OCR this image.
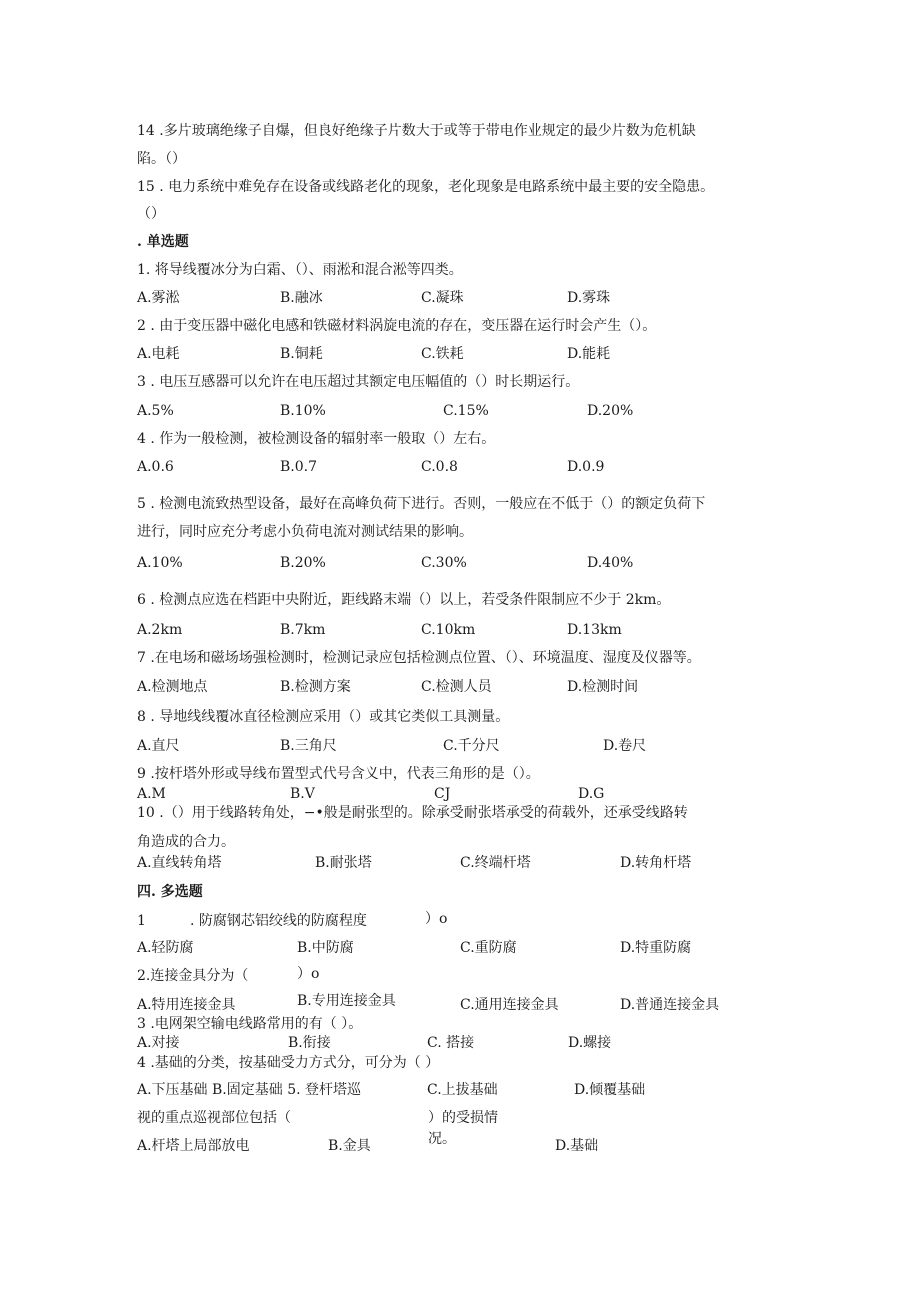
14 .多片玻璃绝缘子自爆，但良好绝缘子片数大于或等于带电作业规定的最少片数为危机缺
陷。（）
15 . 电力系统中难免存在设备或线路老化的现象，老化现象是电路系统中最主要的安全隐患。
（）
. 单选题
1. 将导线覆冰分为白霜、（）、雨淞和混合淞等四类。
A.雾淞	B.融冰	C.凝珠	D.雾珠
2 . 由于变压器中磁化电感和铁磁材料涡旋电流的存在，变压器在运行时会产生（）。
A.电耗	B.铜耗	C.铁耗	D.能耗
3 . 电压互感器可以允许在电压超过其额定电压幅值的（）时长期运行。
A.5%	B.10%	C.15%	D.20%
4 . 作为一般检测，被检测设备的辐射率一般取（）左右。
A.0.6	B.0.7	C.0.8	D.0.9
5 . 检测电流致热型设备，最好在高峰负荷下进行。否则，一般应在不低于（）的额定负荷下
进行，同时应充分考虑小负荷电流对测试结果的影响。
A.10%	B.20%	C.30%	D.40%
6 . 检测点应选在档距中央附近，距线路末端（）以上，若受条件限制应不少于 2km。
A.2km	B.7km	C.10km	D.13km
7 .在电场和磁场场强检测时，检测记录应包括检测点位置、（）、环境温度、湿度及仪器等。
A.检测地点	B.检测方案	C.检测人员	D.检测时间
8 . 导地线线覆冰直径检测应采用（）或其它类似工具测量。
A.直尺	B.三角尺	C.千分尺	D.卷尺
9 .按杆塔外形或导线布置型式代号含义中，代表三角形的是（）。
A.M	B.V	CJ	D.G
10 .（）用于线路转角处，−•般是耐张型的。除承受耐张塔承受的荷载外，还承受线路转
角造成的合力。
A.直线转角塔	B.耐张塔	C.终端杆塔	D.转角杆塔
四. 多选题
1	. 防腐钢芯铝绞线的防腐程度	）o
A.轻防腐	B.中防腐	C.重防腐	D.特重防腐
2.连接金具分为（	）o
A.特用连接金具	B.专用连接金具	C.通用连接金具	D.普通连接金具
3 .电网架空输电线路常用的有（ ）。
A.对接	B.衔接	C. 搭接	D.螺接
4 .基础的分类，按基础受力方式分，可分为（ ）
A.下压基础 B.固定基础 5. 登杆塔巡	C.上拔基础	D.倾覆基础
视的重点巡视部位包括（	）的受损情
况。
A.杆塔上局部放电	B.金具	D.基础
